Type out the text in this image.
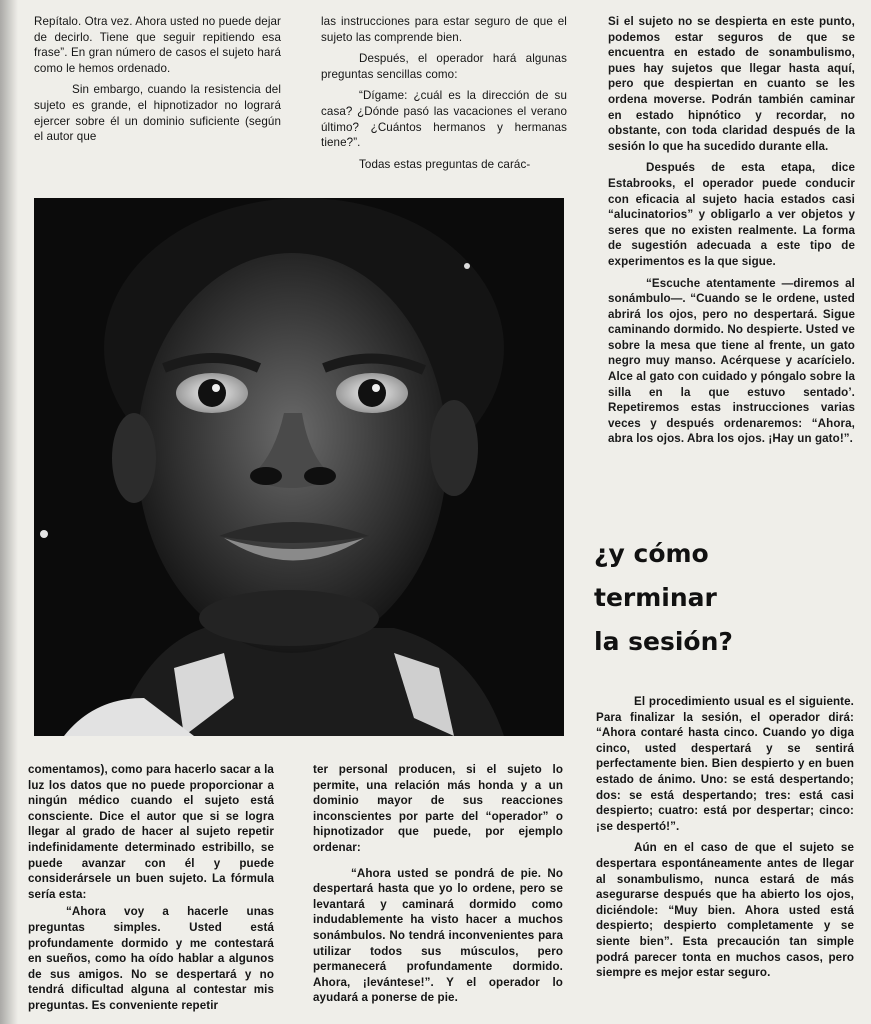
Repítalo. Otra vez. Ahora usted no puede dejar de decirlo. Tiene que seguir repitiendo esa frase”. En gran número de casos el sujeto hará como le hemos ordenado.

Sin embargo, cuando la resistencia del sujeto es grande, el hipnotizador no logrará ejercer sobre él un dominio suficiente (según el autor que

las instrucciones para estar seguro de que el sujeto las comprende bien.

Después, el operador hará algunas preguntas sencillas como:

“Dígame: ¿cuál es la dirección de su casa? ¿Dónde pasó las vacaciones el verano último? ¿Cuántos hermanos y hermanas tiene?”.

Todas estas preguntas de carác-

Si el sujeto no se despierta en este punto, podemos estar seguros de que se encuentra en estado de sonambulismo, pues hay sujetos que llegar hasta aquí, pero que despiertan en cuanto se les ordena moverse. Podrán también caminar en estado hipnótico y recordar, no obstante, con toda claridad después de la sesión lo que ha sucedido durante ella.

Después de esta etapa, dice Estabrooks, el operador puede conducir con eficacia al sujeto hacia estados casi “alucinatorios” y obligarlo a ver objetos y seres que no existen realmente. La forma de sugestión adecuada a este tipo de experimentos es la que sigue.

“Escuche atentamente —diremos al sonámbulo—. “Cuando se le ordene, usted abrirá los ojos, pero no despertará. Sigue caminando dormido. No despierte. Usted ve sobre la mesa que tiene al frente, un gato negro muy manso. Acérquese y acarícielo. Alce al gato con cuidado y póngalo sobre la silla en la que estuvo sentado’. Repetiremos estas instrucciones varias veces y después ordenaremos: “Ahora, abra los ojos. Abra los ojos. ¡Hay un gato!”.

¿y cómo
terminar
la sesión?

El procedimiento usual es el siguiente. Para finalizar la sesión, el operador dirá: “Ahora contaré hasta cinco. Cuando yo diga cinco, usted despertará y se sentirá perfectamente bien. Bien despierto y en buen estado de ánimo. Uno: se está despertando; dos: se está despertando; tres: está casi despierto; cuatro: está por despertar; cinco: ¡se despertó!”.

Aún en el caso de que el sujeto se despertara espontáneamente antes de llegar al sonambulismo, nunca estará de más asegurarse después que ha abierto los ojos, diciéndole: “Muy bien. Ahora usted está despierto; despierto completamente y se siente bien”. Esta precaución tan simple podrá parecer tonta en muchos casos, pero siempre es mejor estar seguro.

comentamos), como para hacerlo sacar a la luz los datos que no puede proporcionar a ningún médico cuando el sujeto está consciente. Dice el autor que si se logra llegar al grado de hacer al sujeto repetir indefinidamente determinado estribillo, se puede avanzar con él y puede considerársele un buen sujeto. La fórmula sería esta:

“Ahora voy a hacerle unas preguntas simples. Usted está profundamente dormido y me contestará en sueños, como ha oído hablar a algunos de sus amigos. No se despertará y no tendrá dificultad alguna al contestar mis preguntas. Es conveniente repetir

ter personal producen, si el sujeto lo permite, una relación más honda y a un dominio mayor de sus reacciones inconscientes por parte del “operador” o hipnotizador que puede, por ejemplo ordenar:

“Ahora usted se pondrá de pie. No despertará hasta que yo lo ordene, pero se levantará y caminará dormido como indudablemente ha visto hacer a muchos sonámbulos. No tendrá inconvenientes para utilizar todos sus músculos, pero permanecerá profundamente dormido. Ahora, ¡levántese!”. Y el operador lo ayudará a ponerse de pie.
